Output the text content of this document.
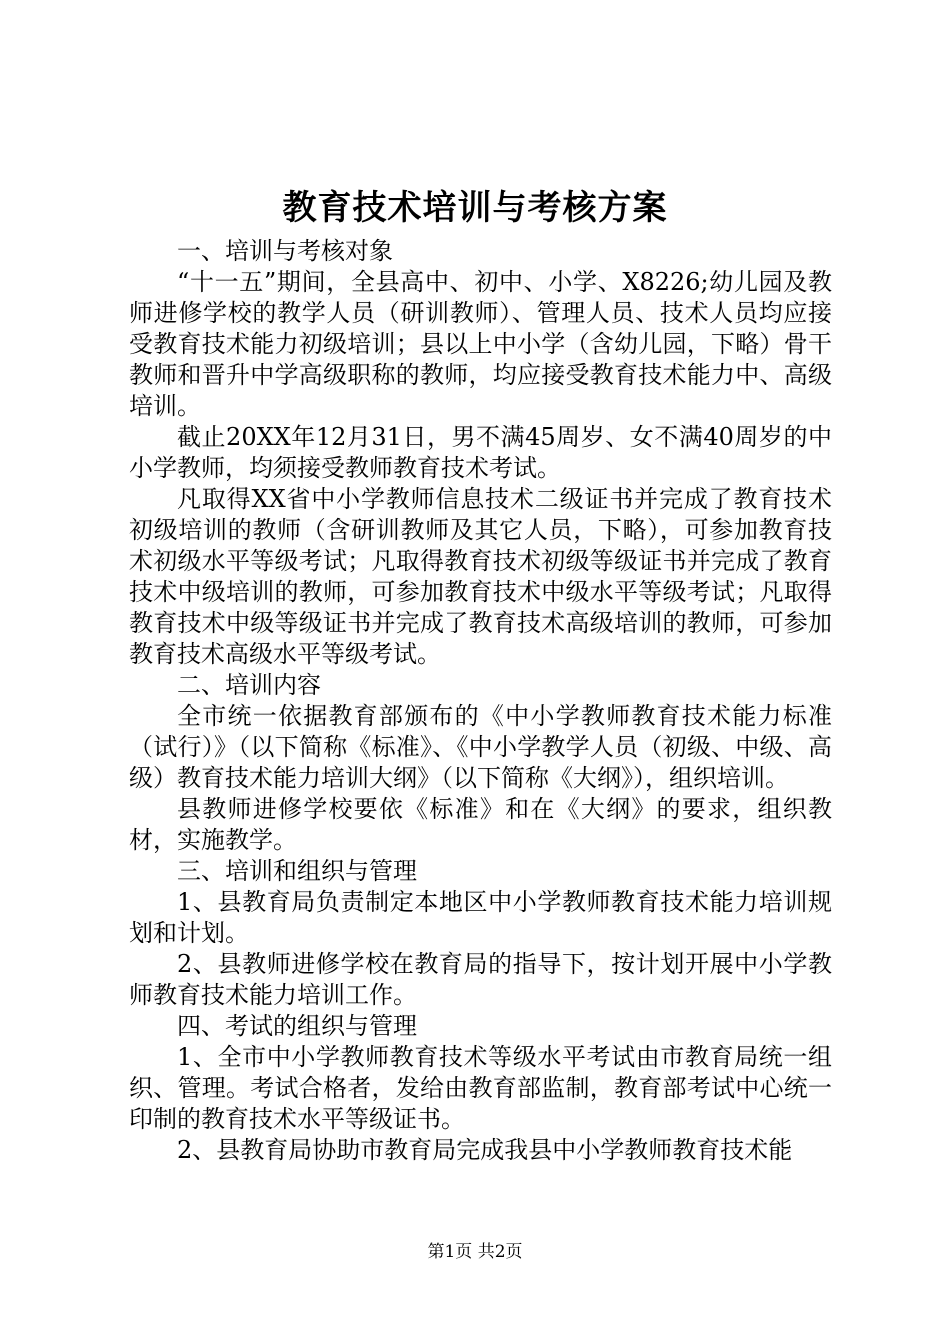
教育技术培训与考核方案

一、培训与考核对象

“十一五”期间，全县高中、初中、小学、X8226;幼儿园及教师进修学校的教学人员（研训教师）、管理人员、技术人员均应接受教育技术能力初级培训；县以上中小学（含幼儿园，下略）骨干教师和晋升中学高级职称的教师，均应接受教育技术能力中、高级培训。

截止20XX年12月31日，男不满45周岁、女不满40周岁的中小学教师，均须接受教师教育技术考试。

凡取得XX省中小学教师信息技术二级证书并完成了教育技术初级培训的教师（含研训教师及其它人员，下略），可参加教育技术初级水平等级考试；凡取得教育技术初级等级证书并完成了教育技术中级培训的教师，可参加教育技术中级水平等级考试；凡取得教育技术中级等级证书并完成了教育技术高级培训的教师，可参加教育技术高级水平等级考试。

二、培训内容

全市统一依据教育部颁布的《中小学教师教育技术能力标准（试行）》（以下简称《标准》、《中小学教学人员（初级、中级、高级）教育技术能力培训大纲》（以下简称《大纲》），组织培训。

县教师进修学校要依《标准》和在《大纲》的要求，组织教材，实施教学。

三、培训和组织与管理

1、县教育局负责制定本地区中小学教师教育技术能力培训规划和计划。

2、县教师进修学校在教育局的指导下，按计划开展中小学教师教育技术能力培训工作。

四、考试的组织与管理

1、全市中小学教师教育技术等级水平考试由市教育局统一组织、管理。考试合格者，发给由教育部监制，教育部考试中心统一印制的教育技术水平等级证书。

2、县教育局协助市教育局完成我县中小学教师教育技术能

第1页 共2页
